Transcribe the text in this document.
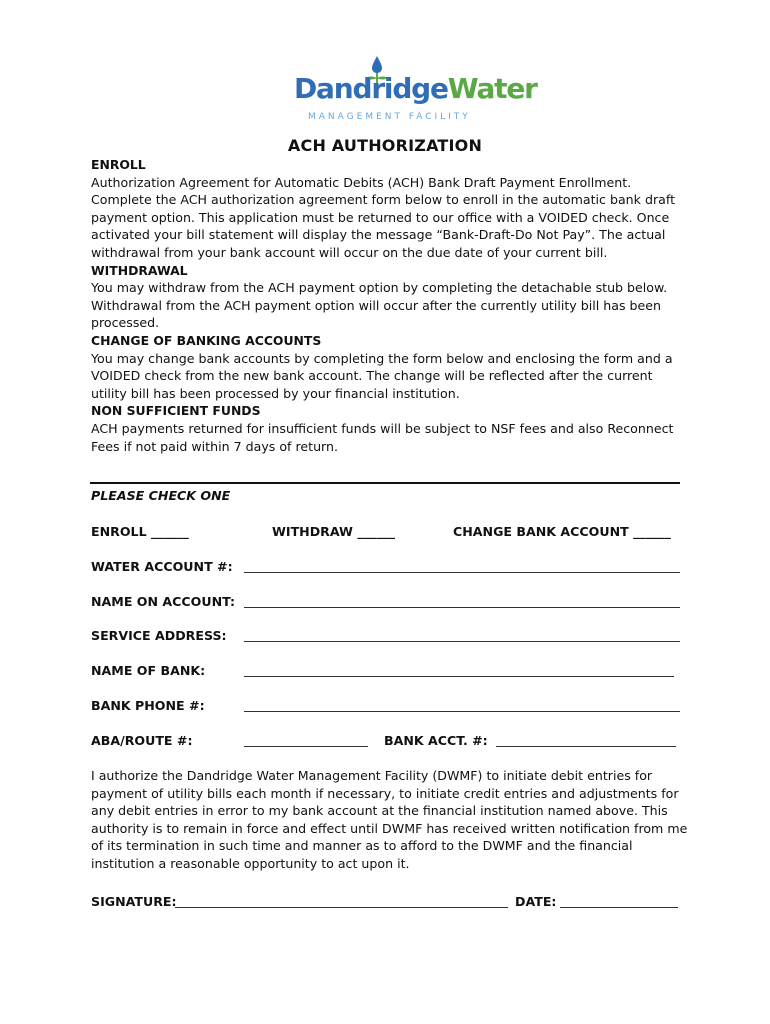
DandridgeWater
MANAGEMENT FACILITY
ACH AUTHORIZATION
ENROLL
Authorization Agreement for Automatic Debits (ACH) Bank Draft Payment Enrollment. Complete the ACH authorization agreement form below to enroll in the automatic bank draft payment option. This application must be returned to our office with a VOIDED check. Once activated your bill statement will display the message “Bank-Draft-Do Not Pay”. The actual withdrawal from your bank account will occur on the due date of your current bill.
WITHDRAWAL
You may withdraw from the ACH payment option by completing the detachable stub below. Withdrawal from the ACH payment option will occur after the currently utility bill has been processed.
CHANGE OF BANKING ACCOUNTS
You may change bank accounts by completing the form below and enclosing the form and a VOIDED check from the new bank account. The change will be reflected after the current utility bill has been processed by your financial institution.
NON SUFFICIENT FUNDS
ACH payments returned for insufficient funds will be subject to NSF fees and also Reconnect Fees if not paid within 7 days of return.
PLEASE CHECK ONE
ENROLL ______	WITHDRAW ______	CHANGE BANK ACCOUNT ______
WATER ACCOUNT #:
NAME ON ACCOUNT:
SERVICE ADDRESS:
NAME OF BANK:
BANK PHONE #:
ABA/ROUTE #:	BANK ACCT. #:
I authorize the Dandridge Water Management Facility (DWMF) to initiate debit entries for payment of utility bills each month if necessary, to initiate credit entries and adjustments for any debit entries in error to my bank account at the financial institution named above. This authority is to remain in force and effect until DWMF has received written notification from me of its termination in such time and manner as to afford to the DWMF and the financial institution a reasonable opportunity to act upon it.
SIGNATURE:	DATE:
